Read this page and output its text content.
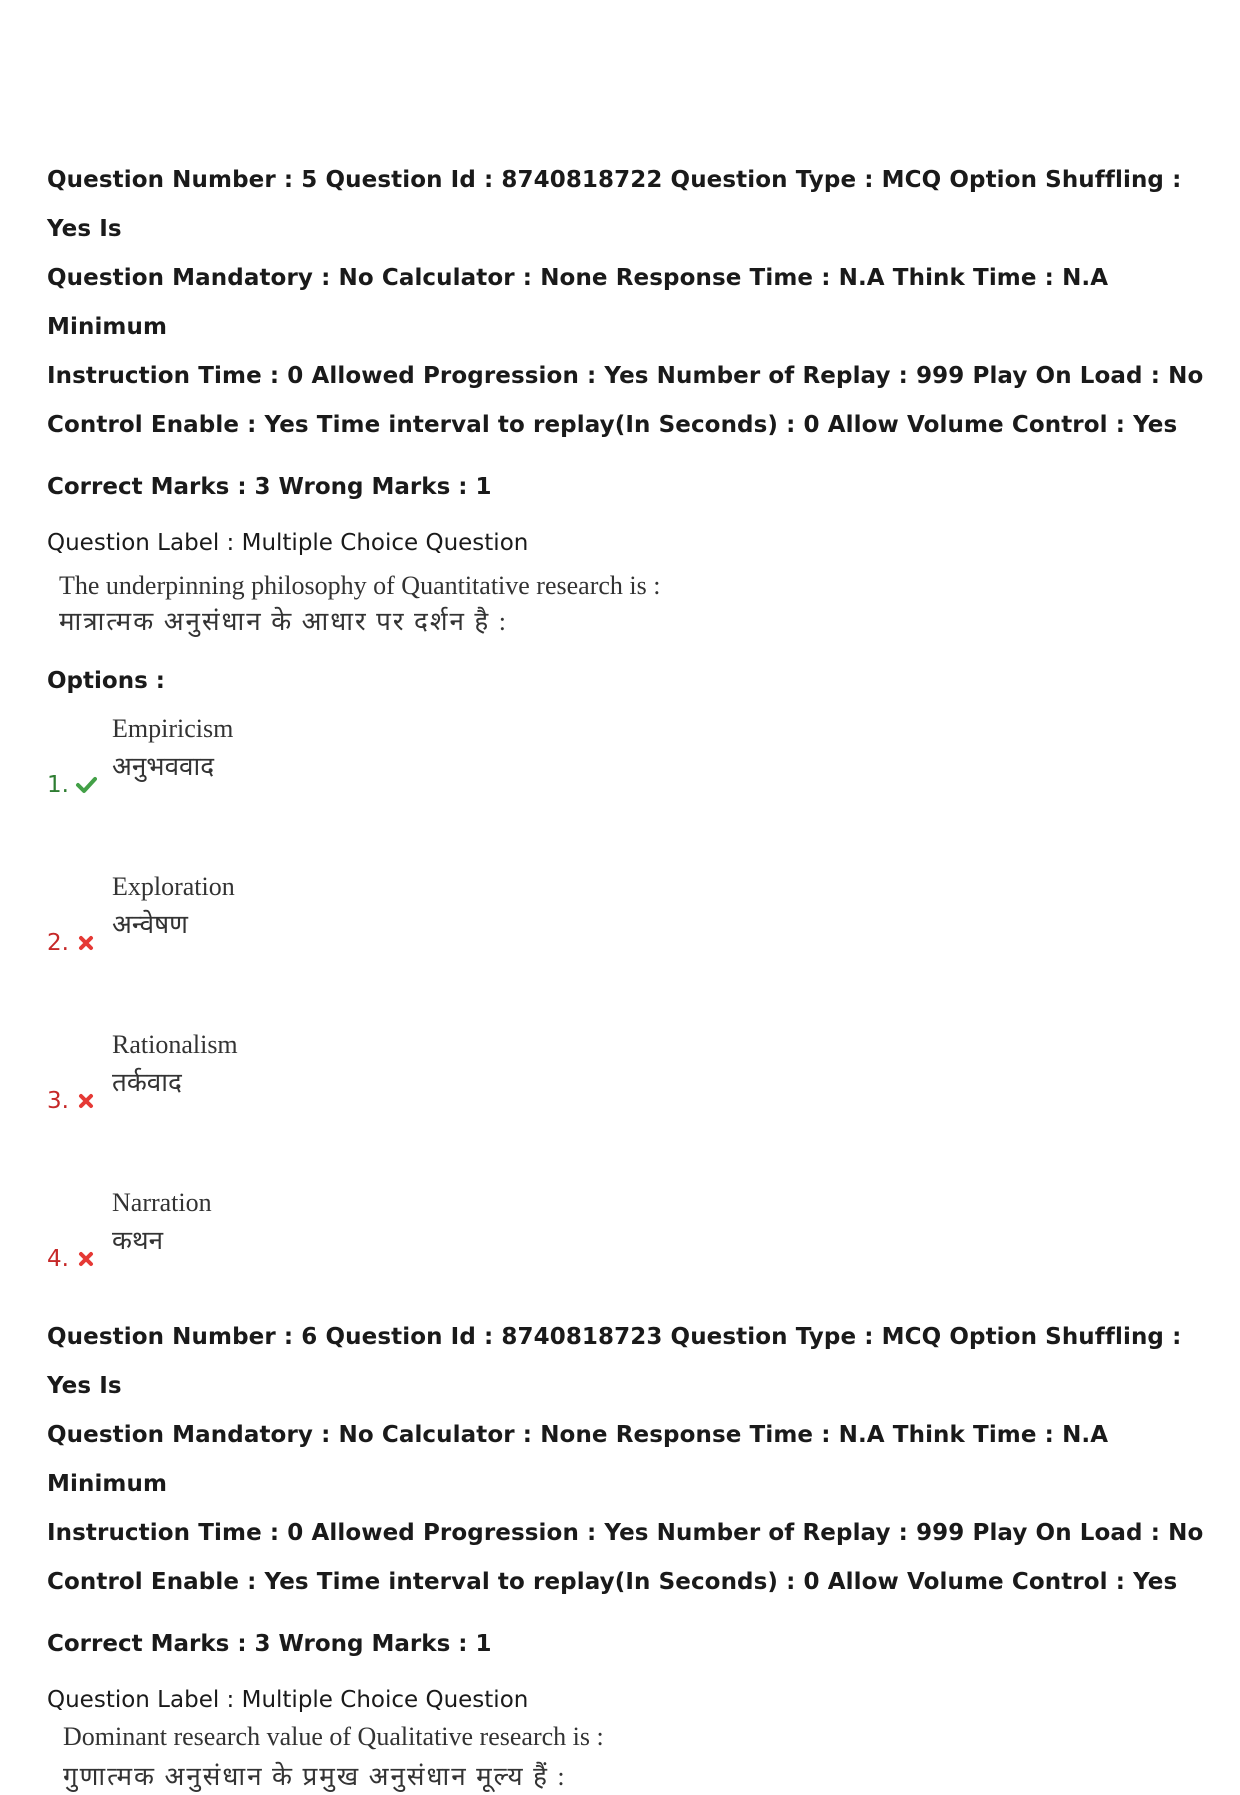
Question Number : 5 Question Id : 8740818722 Question Type : MCQ Option Shuffling : Yes Is
Question Mandatory : No Calculator : None Response Time : N.A Think Time : N.A Minimum
Instruction Time : 0 Allowed Progression : Yes Number of Replay : 999 Play On Load : No
Control Enable : Yes Time interval to replay(In Seconds) : 0 Allow Volume Control : Yes
Correct Marks : 3 Wrong Marks : 1
Question Label : Multiple Choice Question
The underpinning philosophy of Quantitative research is :
मात्रात्मक अनुसंधान के आधार पर दर्शन है :
Options :
1.
Empiricism
अनुभववाद
2.
Exploration
अन्वेषण
3.
Rationalism
तर्कवाद
4.
Narration
कथन
Question Number : 6 Question Id : 8740818723 Question Type : MCQ Option Shuffling : Yes Is
Question Mandatory : No Calculator : None Response Time : N.A Think Time : N.A Minimum
Instruction Time : 0 Allowed Progression : Yes Number of Replay : 999 Play On Load : No
Control Enable : Yes Time interval to replay(In Seconds) : 0 Allow Volume Control : Yes
Correct Marks : 3 Wrong Marks : 1
Question Label : Multiple Choice Question
Dominant research value of Qualitative research is :
गुणात्मक अनुसंधान के प्रमुख अनुसंधान मूल्य हैं :
